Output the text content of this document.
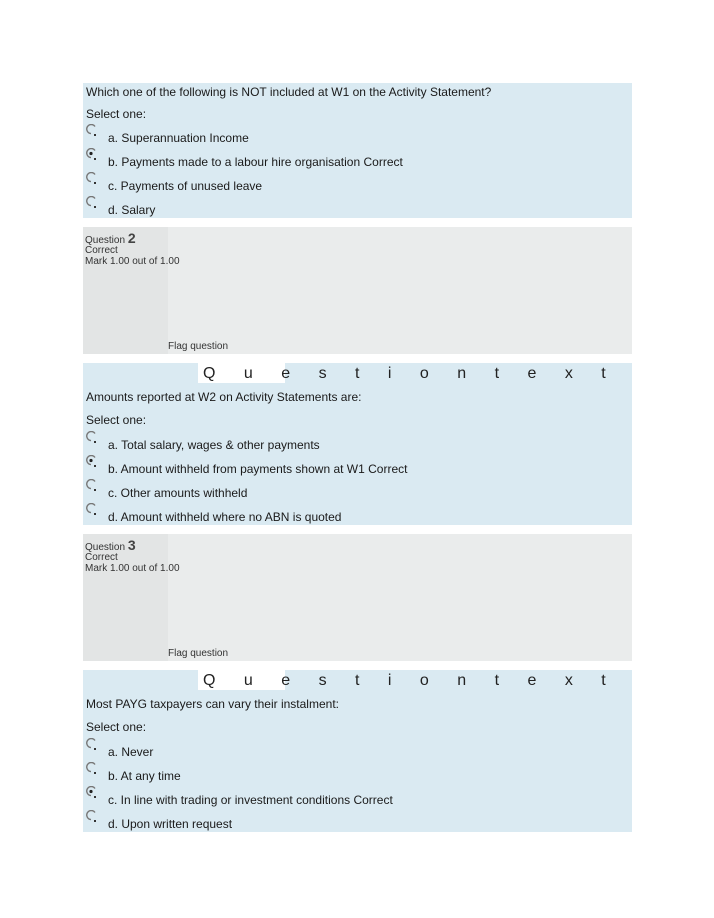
Which one of the following is NOT included at W1 on the Activity Statement?
Select one:
a. Superannuation Income
b. Payments made to a labour hire organisation Correct
c. Payments of unused leave
d. Salary
Question 2
Correct
Mark 1.00 out of 1.00
Flag question
Q u e s t i o n t e x t
Amounts reported at W2 on Activity Statements are:
Select one:
a. Total salary, wages & other payments
b. Amount withheld from payments shown at W1 Correct
c. Other amounts withheld
d. Amount withheld where no ABN is quoted
Question 3
Correct
Mark 1.00 out of 1.00
Flag question
Q u e s t i o n t e x t
Most PAYG taxpayers can vary their instalment:
Select one:
a. Never
b. At any time
c. In line with trading or investment conditions Correct
d. Upon written request
